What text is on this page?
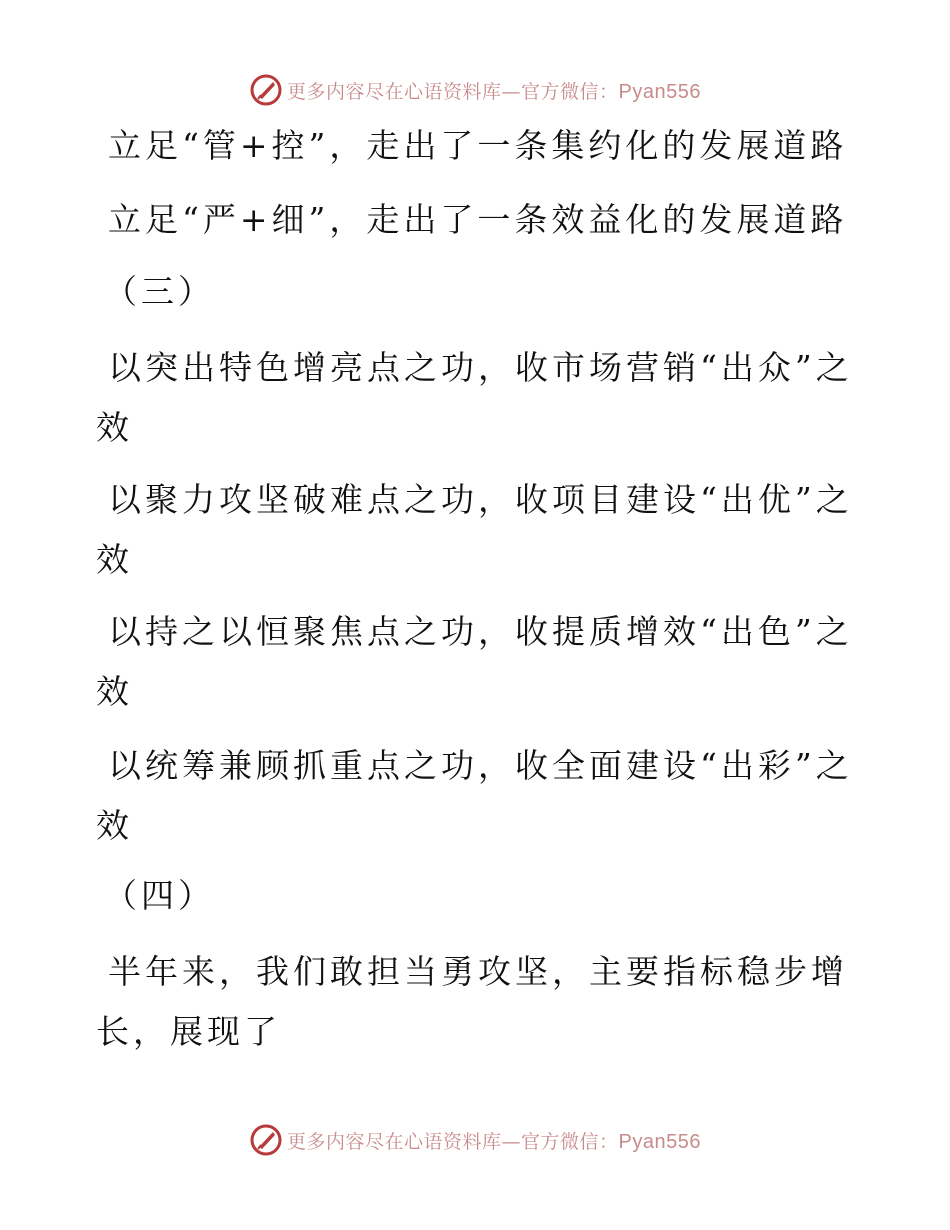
更多内容尽在心语资料库—官方微信：Pyan556
立足“管+控”，走出了一条集约化的发展道路
立足“严+细”，走出了一条效益化的发展道路
（三）
以突出特色增亮点之功，收市场营销“出众”之
效
以聚力攻坚破难点之功，收项目建设“出优”之
效
以持之以恒聚焦点之功，收提质增效“出色”之
效
以统筹兼顾抓重点之功，收全面建设“出彩”之
效
（四）
半年来，我们敢担当勇攻坚，主要指标稳步增
长，展现了
更多内容尽在心语资料库—官方微信：Pyan556
